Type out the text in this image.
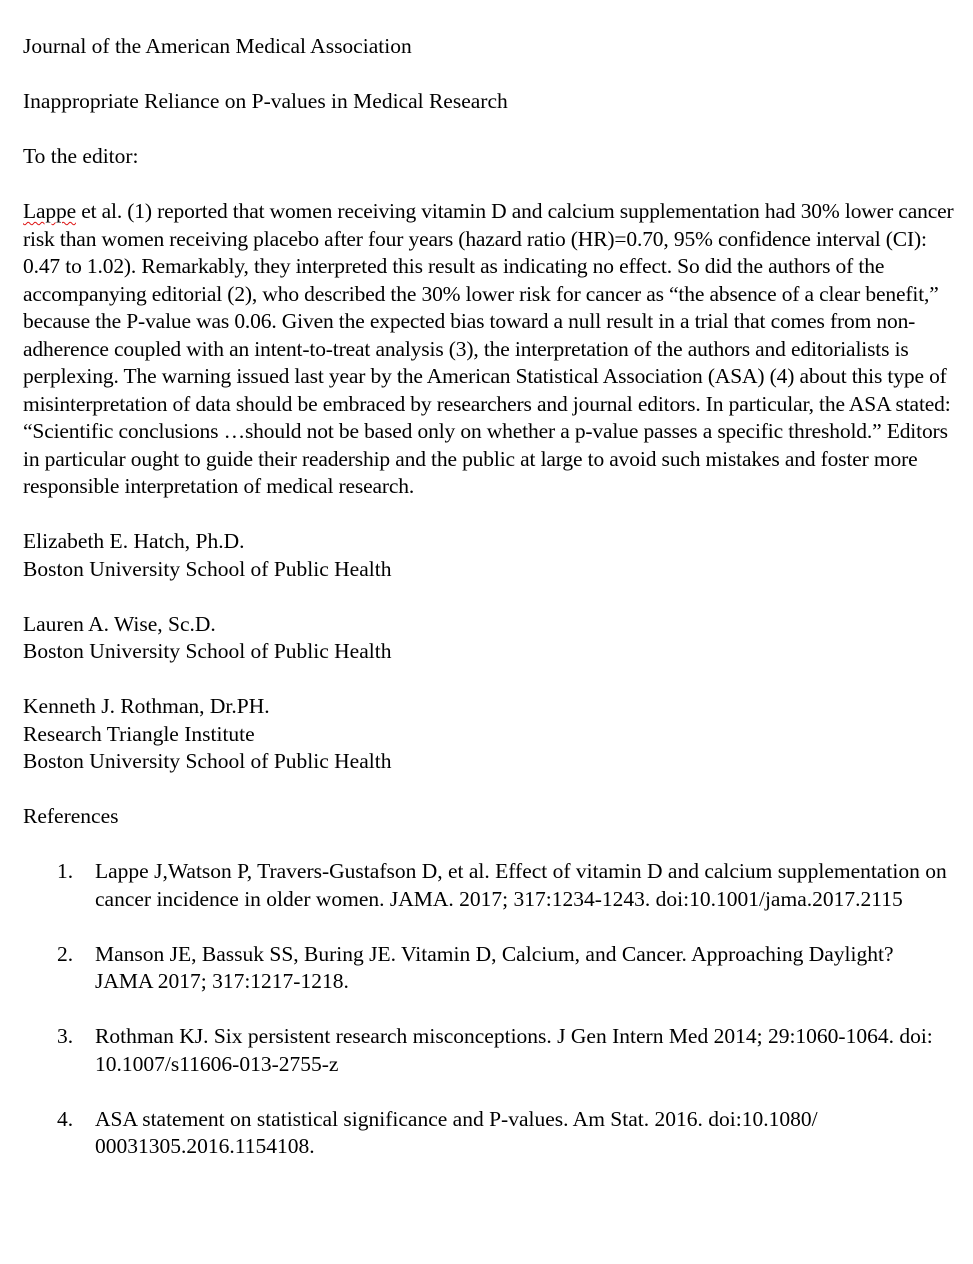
Journal of the American Medical Association

Inappropriate Reliance on P-values in Medical Research

To the editor:

Lappe et al. (1) reported that women receiving vitamin D and calcium supplementation had 30% lower cancer risk than women receiving placebo after four years (hazard ratio (HR)=0.70, 95% confidence interval (CI): 0.47 to 1.02). Remarkably, they interpreted this result as indicating no effect. So did the authors of the accompanying editorial (2), who described the 30% lower risk for cancer as “the absence of a clear benefit,” because the P-value was 0.06. Given the expected bias toward a null result in a trial that comes from non-adherence coupled with an intent-to-treat analysis (3), the interpretation of the authors and editorialists is perplexing. The warning issued last year by the American Statistical Association (ASA) (4) about this type of misinterpretation of data should be embraced by researchers and journal editors. In particular, the ASA stated: “Scientific conclusions …should not be based only on whether a p-value passes a specific threshold.” Editors in particular ought to guide their readership and the public at large to avoid such mistakes and foster more responsible interpretation of medical research.

Elizabeth E. Hatch, Ph.D.

Boston University School of Public Health

Lauren A. Wise, Sc.D.

Boston University School of Public Health

Kenneth J. Rothman, Dr.PH.

Research Triangle Institute

Boston University School of Public Health

References

1. Lappe J,Watson P, Travers-Gustafson D, et al. Effect of vitamin D and calcium supplementation on cancer incidence in older women. JAMA. 2017; 317:1234-1243. doi:10.1001/jama.2017.2115
2. Manson JE, Bassuk SS, Buring JE. Vitamin D, Calcium, and Cancer. Approaching Daylight? JAMA 2017; 317:1217-1218.
3. Rothman KJ. Six persistent research misconceptions. J Gen Intern Med 2014; 29:1060-1064. doi: 10.1007/s11606-013-2755-z
4. ASA statement on statistical significance and P-values. Am Stat. 2016. doi:10.1080/ 00031305.2016.1154108.
